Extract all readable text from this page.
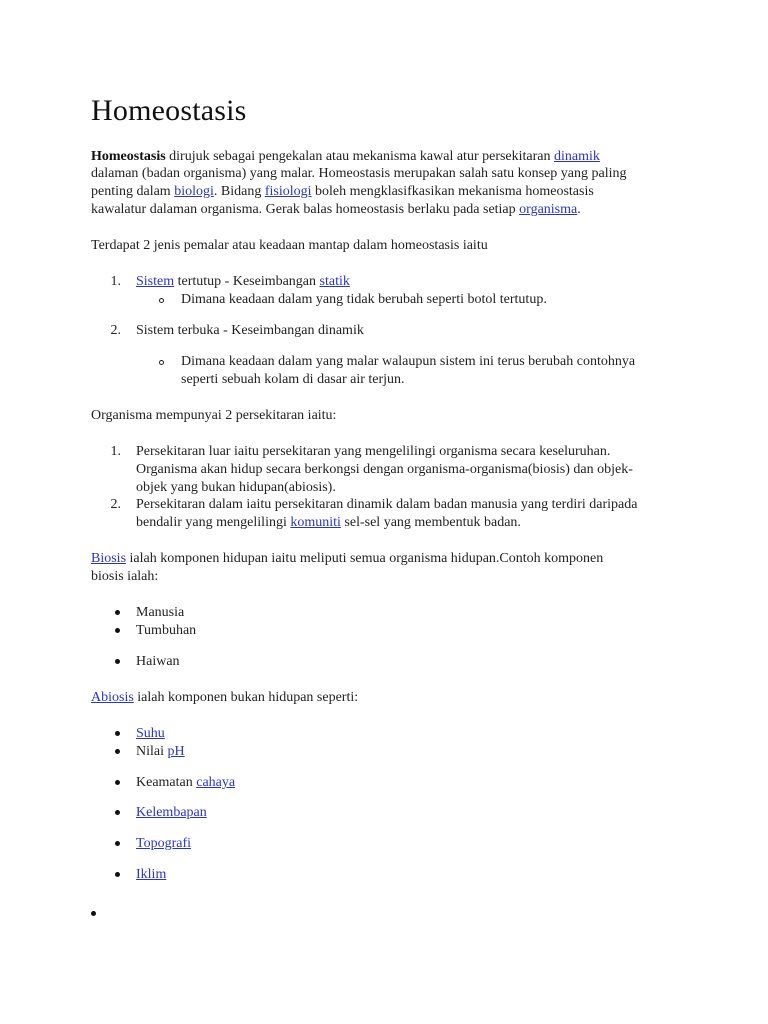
Homeostasis
Homeostasis dirujuk sebagai pengekalan atau mekanisma kawal atur persekitaran dinamik
dalaman (badan organisma) yang malar. Homeostasis merupakan salah satu konsep yang paling
penting dalam biologi. Bidang fisiologi boleh mengklasifkasikan mekanisma homeostasis
kawalatur dalaman organisma. Gerak balas homeostasis berlaku pada setiap organisma.
Terdapat 2 jenis pemalar atau keadaan mantap dalam homeostasis iaitu
1. Sistem tertutup - Keseimbangan statik
Dimana keadaan dalam yang tidak berubah seperti botol tertutup.
2. Sistem terbuka - Keseimbangan dinamik
Dimana keadaan dalam yang malar walaupun sistem ini terus berubah contohnya
seperti sebuah kolam di dasar air terjun.
Organisma mempunyai 2 persekitaran iaitu:
1. Persekitaran luar iaitu persekitaran yang mengelilingi organisma secara keseluruhan.
Organisma akan hidup secara berkongsi dengan organisma-organisma(biosis) dan objek-
objek yang bukan hidupan(abiosis).
2. Persekitaran dalam iaitu persekitaran dinamik dalam badan manusia yang terdiri daripada
bendalir yang mengelilingi komuniti sel-sel yang membentuk badan.
Biosis ialah komponen hidupan iaitu meliputi semua organisma hidupan.Contoh komponen
biosis ialah:
Manusia
Tumbuhan
Haiwan
Abiosis ialah komponen bukan hidupan seperti:
Suhu
Nilai pH
Keamatan cahaya
Kelembapan
Topografi
Iklim
